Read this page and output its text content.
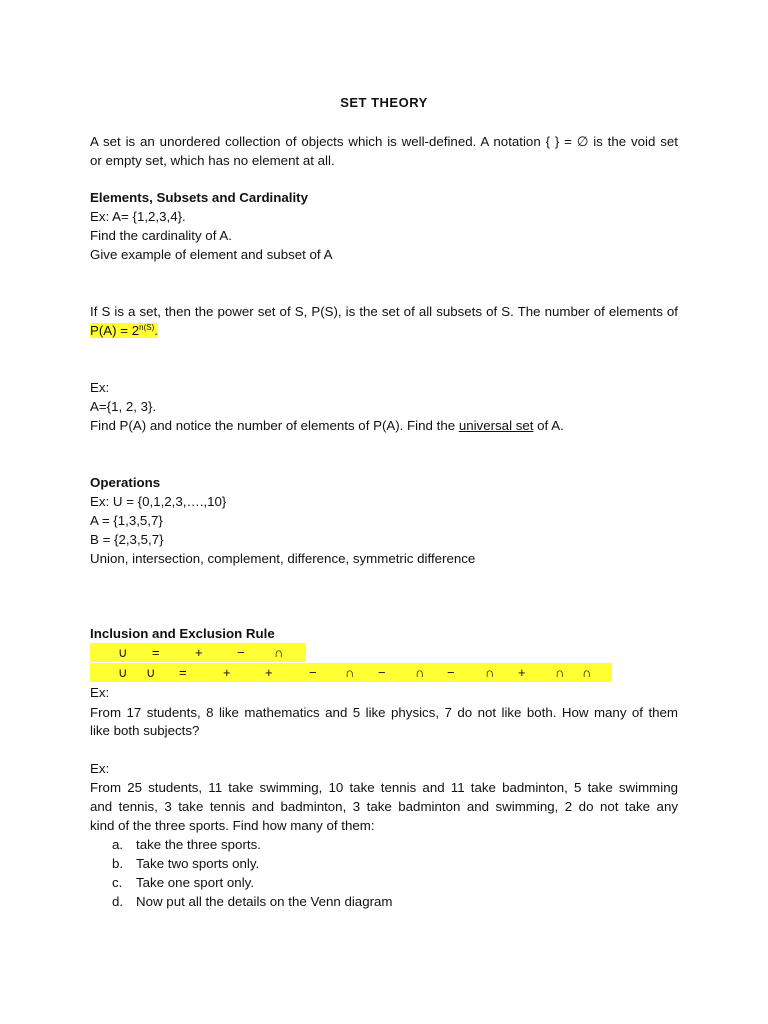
SET THEORY
A set is an unordered collection of objects which is well-defined. A notation { } = ∅ is the void set
or empty set, which has no element at all.
Elements, Subsets and Cardinality
Ex: A= {1,2,3,4}.
Find the cardinality of A.
Give example of element and subset of A
If S is a set, then the power set of S, P(S), is the set of all subsets of S. The number of elements of
$P(A) = 2^{n(S)}$.
Ex:
A={1, 2, 3}.
Find P(A) and notice the number of elements of P(A). Find the universal set of A.
Operations
Ex: U = {0,1,2,3,….,10}
A = {1,3,5,7}
B = {2,3,5,7}
Union, intersection, complement, difference, symmetric difference
Inclusion and Exclusion Rule
∪ =	+	− ∩
∪ ∪ =	+	+	− ∩ − ∩ − ∩ + ∩ ∩
Ex:
From 17 students, 8 like mathematics and 5 like physics, 7 do not like both. How many of them
like both subjects?
Ex:
From 25 students, 11 take swimming, 10 take tennis and 11 take badminton, 5 take swimming
and tennis, 3 take tennis and badminton, 3 take badminton and swimming, 2 do not take any
kind of the three sports. Find how many of them:
a. take the three sports.
b. Take two sports only.
c. Take one sport only.
d. Now put all the details on the Venn diagram
